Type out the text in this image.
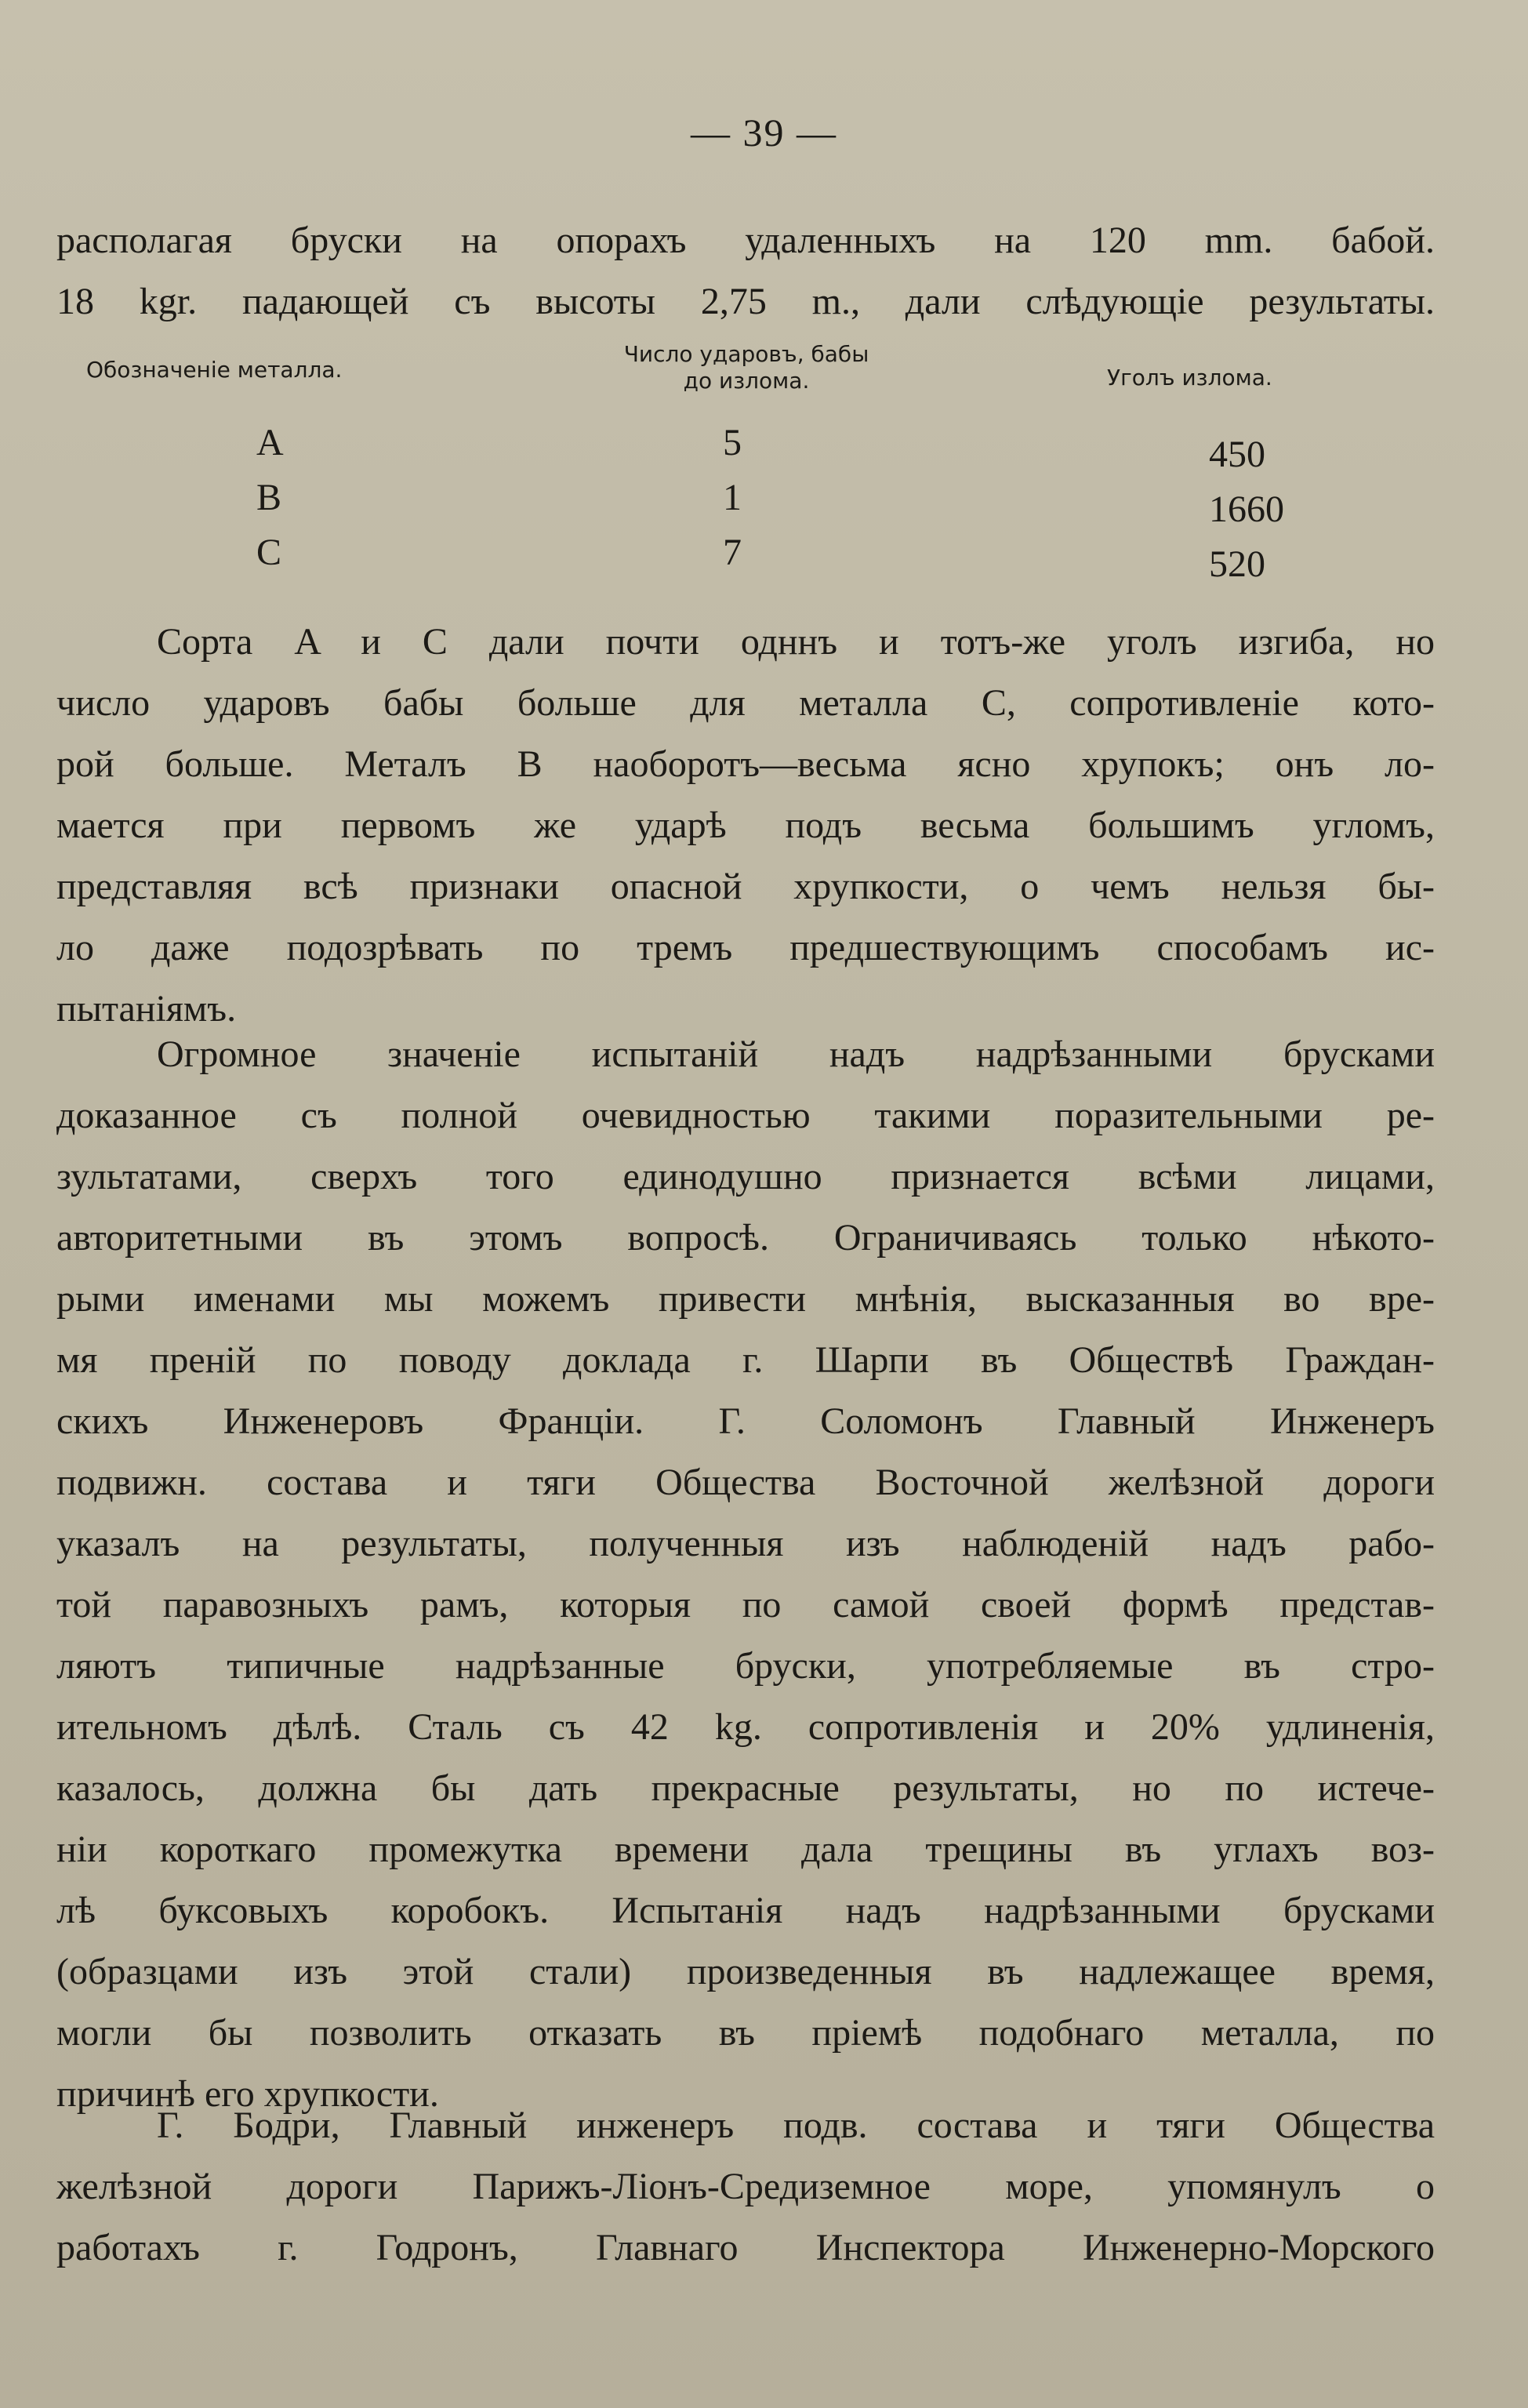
— 39 —
располагая бруски на опорахъ удаленныхъ на 120 mm. бабой.
18 kgr. падающей съ высоты 2,75 m., дали слѣдующіе результаты.
Обозначеніе металла.
Число ударовъ, бабы
до излома.	Уголъ излома.
A	5	450
B	1	1660
C	7	520
Сорта A и C дали почти одннъ и тотъ-же уголъ изгиба, но
число ударовъ бабы больше для металла C, сопротивленіе кото-
рой больше. Металъ B наоборотъ—весьма ясно хрупокъ; онъ ло-
мается при первомъ же ударѣ подъ весьма большимъ угломъ,
представляя всѣ признаки опасной хрупкости, о чемъ нельзя бы-
ло даже подозрѣвать по тремъ предшествующимъ способамъ ис-
пытаніямъ.
Огромное значеніе испытаній надъ надрѣзанными брусками
доказанное съ полной очевидностью такими поразительными ре-
зультатами, сверхъ того единодушно признается всѣми лицами,
авторитетными въ этомъ вопросѣ. Ограничиваясь только нѣкото-
рыми именами мы можемъ привести мнѣнія, высказанныя во вре-
мя преній по поводу доклада г. Шарпи въ Обществѣ Граждан-
скихъ Инженеровъ Франціи. Г. Соломонъ Главный Инженеръ
подвижн. состава и тяги Общества Восточной желѣзной дороги
указалъ на результаты, полученныя изъ наблюденій надъ рабо-
той паравозныхъ рамъ, которыя по самой своей формѣ представ-
ляютъ типичные надрѣзанные бруски, употребляемые въ стро-
ительномъ дѣлѣ. Сталь съ 42 kg. сопротивленія и 20% удлиненія,
казалось, должна бы дать прекрасные результаты, но по истече-
ніи короткаго промежутка времени дала трещины въ углахъ воз-
лѣ буксовыхъ коробокъ. Испытанія надъ надрѣзанными брусками
(образцами изъ этой стали) произведенныя въ надлежащее время,
могли бы позволить отказать въ пріемѣ подобнаго металла, по
причинѣ его хрупкости.
Г. Бодри, Главный инженеръ подв. состава и тяги Общества
желѣзной дороги Парижъ-Ліонъ-Средиземное море, упомянулъ о
работахъ г. Годронъ, Главнаго Инспектора Инженерно-Морского
